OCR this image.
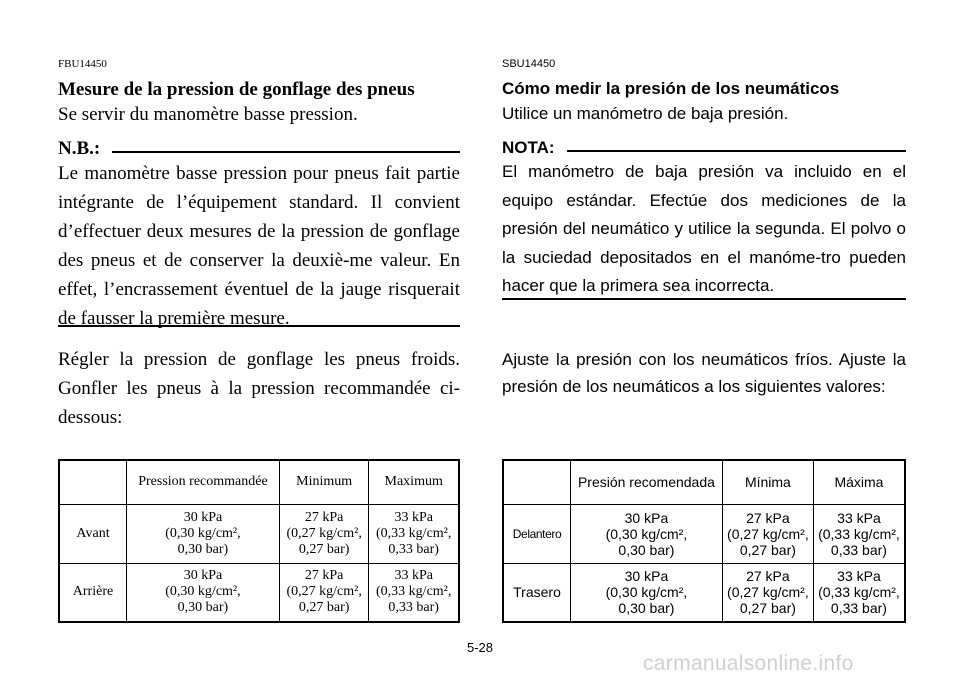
FBU14450
Mesure de la pression de gonflage des pneus
Se servir du manomètre basse pression.
N.B.:
Le manomètre basse pression pour pneus fait partie intégrante de l’équipement standard. Il convient d’effectuer deux mesures de la pression de gonflage des pneus et de conserver la deuxiè-me valeur. En effet, l’encrassement éventuel de la jauge risquerait de fausser la première mesure.
Régler la pression de gonflage les pneus froids. Gonfler les pneus à la pression recommandée ci-dessous:
	Pression recommandée	Minimum	Maximum
Avant	30 kPa
(0,30 kg/cm²,
0,30 bar)	27 kPa
(0,27 kg/cm²,
0,27 bar)	33 kPa
(0,33 kg/cm²,
0,33 bar)

Arrière	30 kPa
(0,30 kg/cm²,
0,30 bar)	27 kPa
(0,27 kg/cm²,
0,27 bar)	33 kPa
(0,33 kg/cm²,
0,33 bar)
SBU14450
Cómo medir la presión de los neumáticos
Utilice un manómetro de baja presión.
NOTA:
El manómetro de baja presión va incluido en el equipo estándar. Efectúe dos mediciones de la presión del neumático y utilice la segunda. El polvo o la suciedad depositados en el manóme-tro pueden hacer que la primera sea incorrecta.
Ajuste la presión con los neumáticos fríos. Ajuste la presión de los neumáticos a los siguientes valores:
	Presión recomendada	Mínima	Máxima
Delantero	30 kPa
(0,30 kg/cm²,
0,30 bar)	27 kPa
(0,27 kg/cm²,
0,27 bar)	33 kPa
(0,33 kg/cm²,
0,33 bar)

Trasero	30 kPa
(0,30 kg/cm²,
0,30 bar)	27 kPa
(0,27 kg/cm²,
0,27 bar)	33 kPa
(0,33 kg/cm²,
0,33 bar)
5-28
carmanualsonline.info
